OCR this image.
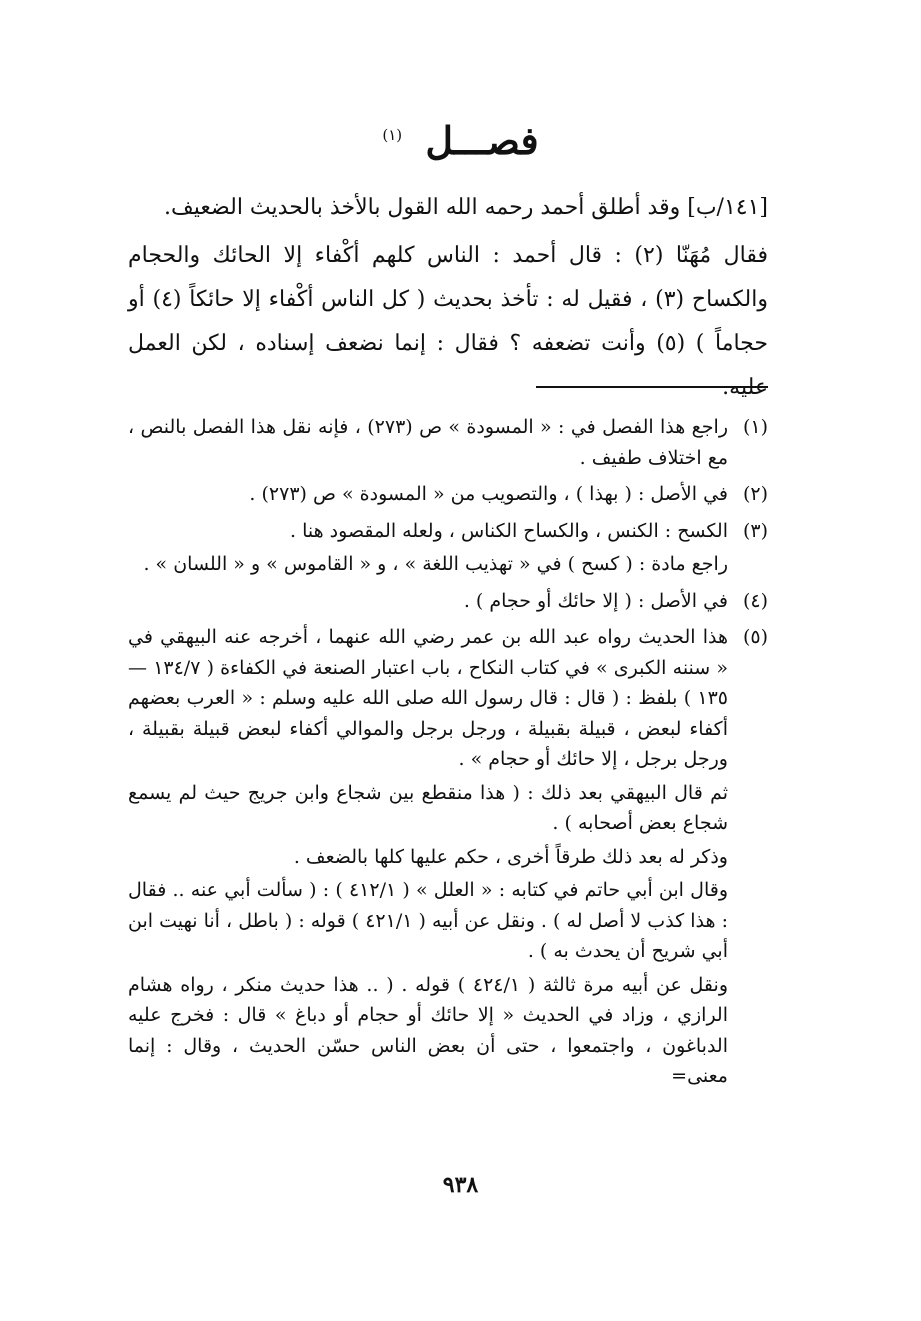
فصـــل $^{(١)}$

[١٤١/ب] وقد أطلق أحمد رحمه الله القول بالأخذ بالحديث الضعيف.

فقال مُهَنّا (٢) : قال أحمد : الناس كلهم أكْفاء إلا الحائك والحجام والكساح (٣) ، فقيل له : تأخذ بحديث ( كل الناس أكْفاء إلا حائكاً (٤) أو حجاماً ) (٥) وأنت تضعفه ؟ فقال : إنما نضعف إسناده ، لكن العمل عليه.

(١)

راجع هذا الفصل في : « المسودة » ص (٢٧٣) ، فإنه نقل هذا الفصل بالنص ، مع اختلاف طفيف .

(٢)

في الأصل : ( بهذا ) ، والتصويب من « المسودة » ص (٢٧٣) .

(٣)

الكسح : الكنس ، والكساح الكناس ، ولعله المقصود هنا .

راجع مادة : ( كسح ) في « تهذيب اللغة » ، و « القاموس » و « اللسان » .

(٤)

في الأصل : ( إلا حائك أو حجام ) .

(٥)

هذا الحديث رواه عبد الله بن عمر رضي الله عنهما ، أخرجه عنه البيهقي في « سننه الكبرى » في كتاب النكاح ، باب اعتبار الصنعة في الكفاءة ( ١٣٤/٧ — ١٣٥ ) بلفظ : ( قال : قال رسول الله صلى الله عليه وسلم : « العرب بعضهم أكفاء لبعض ، قبيلة بقبيلة ، ورجل برجل والموالي أكفاء لبعض قبيلة بقبيلة ، ورجل برجل ، إلا حائك أو حجام » .

ثم قال البيهقي بعد ذلك : ( هذا منقطع بين شجاع وابن جريج حيث لم يسمع شجاع بعض أصحابه ) .

وذكر له بعد ذلك طرقاً أخرى ، حكم عليها كلها بالضعف .

وقال ابن أبي حاتم في كتابه : « العلل » ( ٤١٢/١ ) : ( سألت أبي عنه .. فقال : هذا كذب لا أصل له ) . ونقل عن أبيه ( ٤٢١/١ ) قوله : ( باطل ، أنا نهيت ابن أبي شريح أن يحدث به ) .

ونقل عن أبيه مرة ثالثة ( ٤٢٤/١ ) قوله . ( .. هذا حديث منكر ، رواه هشام الرازي ، وزاد في الحديث « إلا حائك أو حجام أو دباغ » قال : فخرج عليه الدباغون ، واجتمعوا ، حتى أن بعض الناس حسّن الحديث ، وقال : إنما معنى=

٩٣٨
